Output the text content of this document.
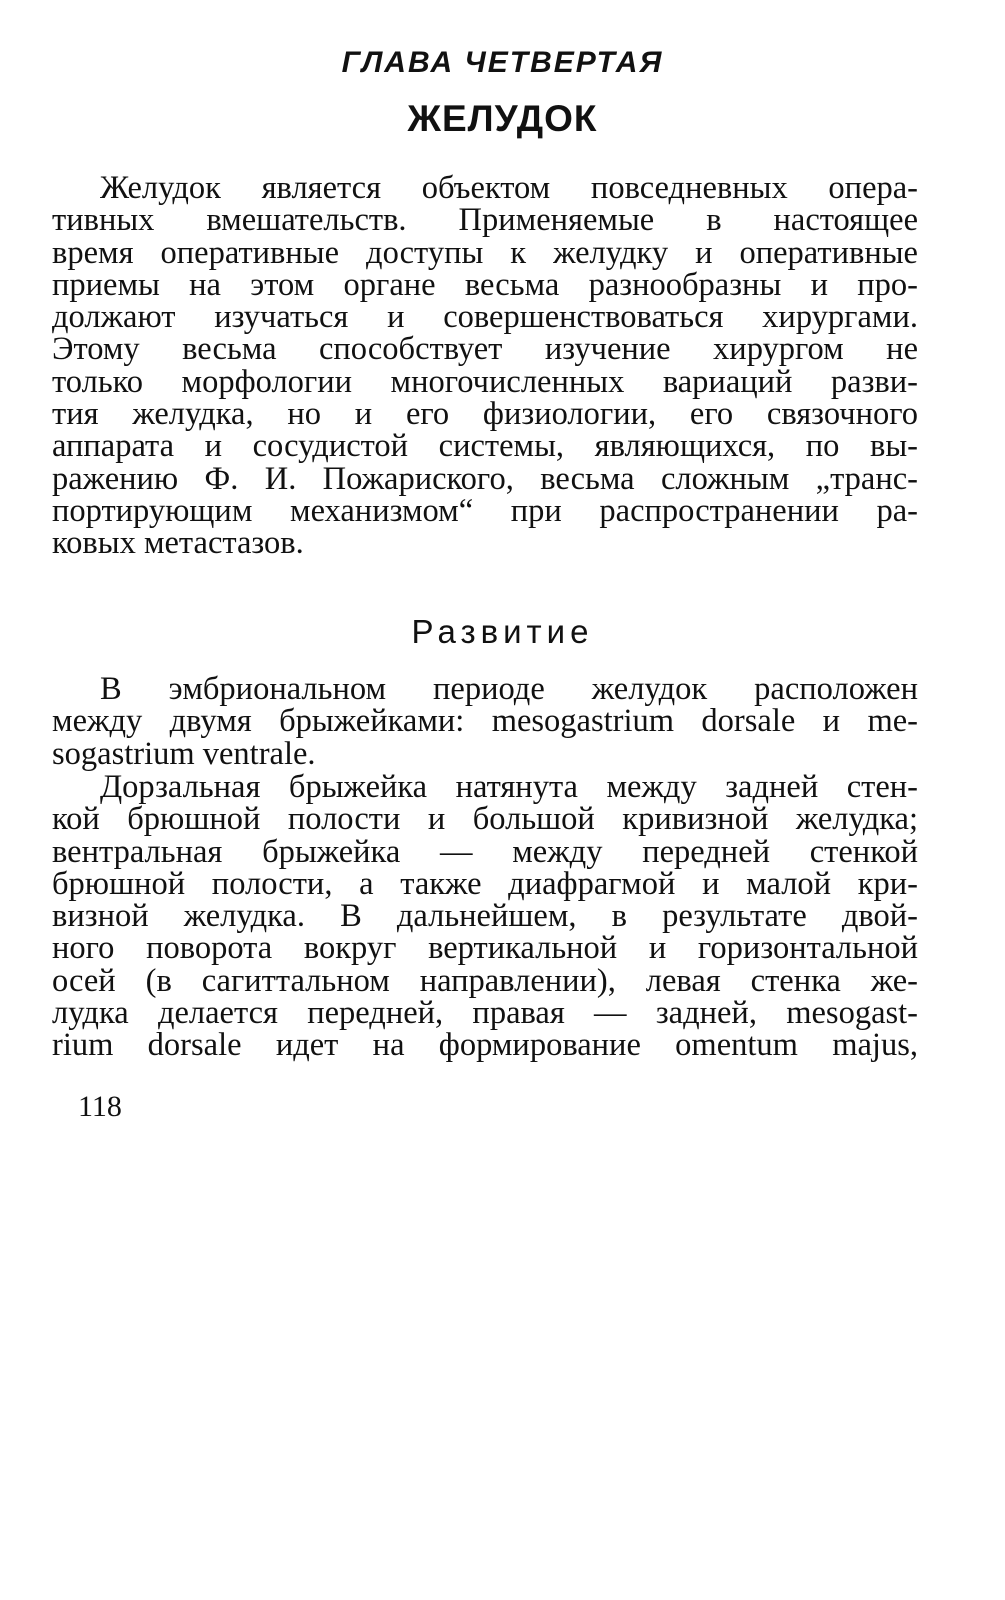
ГЛАВА ЧЕТВЕРТАЯ
ЖЕЛУДОК
Желудок является объектом повседневных опера-
тивных вмешательств. Применяемые в настоящее
время оперативные доступы к желудку и оперативные
приемы на этом органе весьма разнообразны и про-
должают изучаться и совершенствоваться хирургами.
Этому весьма способствует изучение хирургом не
только морфологии многочисленных вариаций разви-
тия желудка, но и его физиологии, его связочного
аппарата и сосудистой системы, являющихся, по вы-
ражению Ф. И. Пожариского, весьма сложным „транс-
портирующим механизмом“ при распространении ра-
ковых метастазов.
Развитие
В эмбриональном периоде желудок расположен
между двумя брыжейками: mesogastrium dorsale и me-
sogastrium ventrale.
Дорзальная брыжейка натянута между задней стен-
кой брюшной полости и большой кривизной желудка;
вентральная брыжейка — между передней стенкой
брюшной полости, а также диафрагмой и малой кри-
визной желудка. В дальнейшем, в результате двой-
ного поворота вокруг вертикальной и горизонтальной
осей (в сагиттальном направлении), левая стенка же-
лудка делается передней, правая — задней, mesogast-
rium dorsale идет на формирование omentum majus,
118
